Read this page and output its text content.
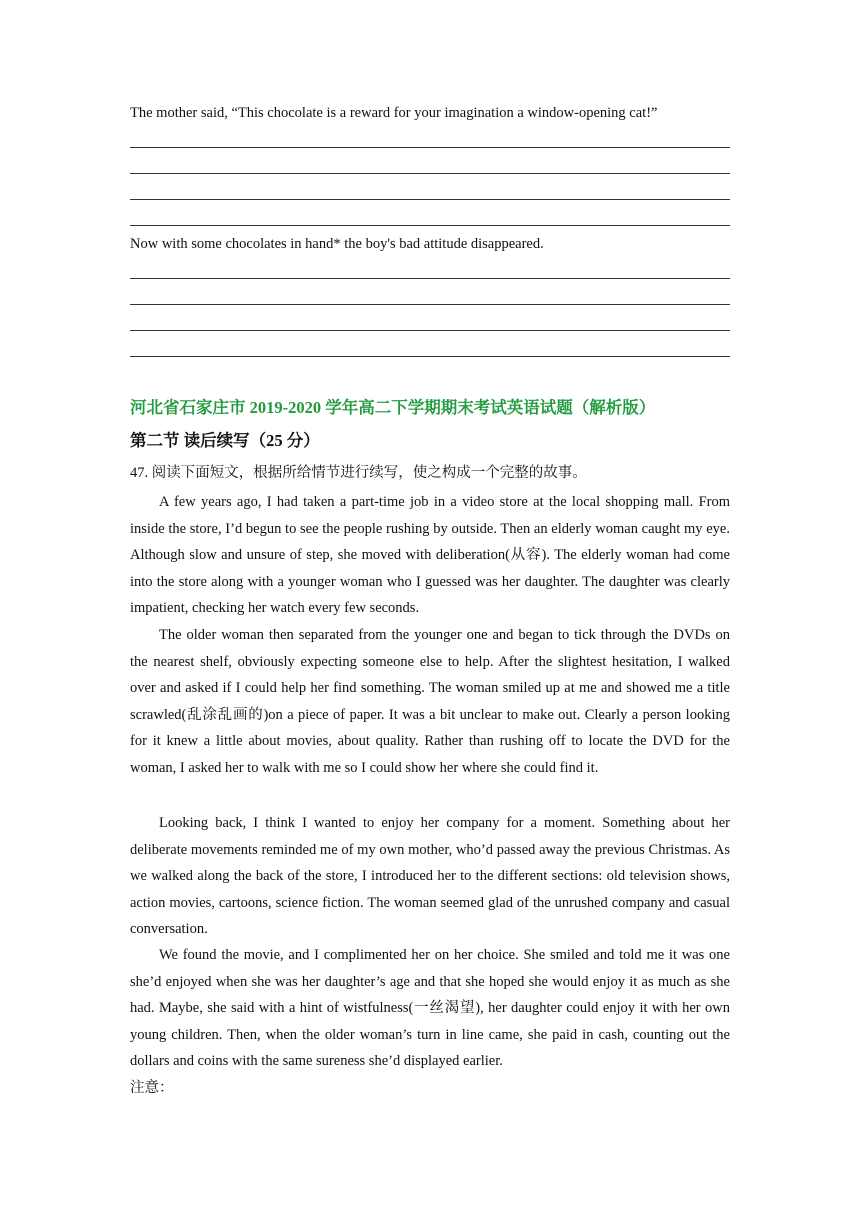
The mother said, “This chocolate is a reward for your imagination a window-opening cat!”
Now with some chocolates in hand* the boy's bad attitude disappeared.
河北省石家庄市 2019-2020 学年高二下学期期末考试英语试题（解析版）
第二节 读后续写（25 分）
47. 阅读下面短文，根据所给情节进行续写，使之构成一个完整的故事。
A few years ago, I had taken a part-time job in a video store at the local shopping mall. From inside the store, I’d begun to see the people rushing by outside. Then an elderly woman caught my eye. Although slow and unsure of step, she moved with deliberation(从容). The elderly woman had come into the store along with a younger woman who I guessed was her daughter. The daughter was clearly impatient, checking her watch every few seconds.
The older woman then separated from the younger one and began to tick through the DVDs on the nearest shelf, obviously expecting someone else to help. After the slightest hesitation, I walked over and asked if I could help her find something. The woman smiled up at me and showed me a title scrawled(乱涂乱画的)on a piece of paper. It was a bit unclear to make out. Clearly a person looking for it knew a little about movies, about quality. Rather than rushing off to locate the DVD for the woman, I asked her to walk with me so I could show her where she could find it.
Looking back, I think I wanted to enjoy her company for a moment. Something about her deliberate movements reminded me of my own mother, who’d passed away the previous Christmas. As we walked along the back of the store, I introduced her to the different sections: old television shows, action movies, cartoons, science fiction. The woman seemed glad of the unrushed company and casual conversation.
We found the movie, and I complimented her on her choice. She smiled and told me it was one she’d enjoyed when she was her daughter’s age and that she hoped she would enjoy it as much as she had. Maybe, she said with a hint of wistfulness(一丝渴望), her daughter could enjoy it with her own young children. Then, when the older woman’s turn in line came, she paid in cash, counting out the dollars and coins with the same sureness she’d displayed earlier.
注意：
